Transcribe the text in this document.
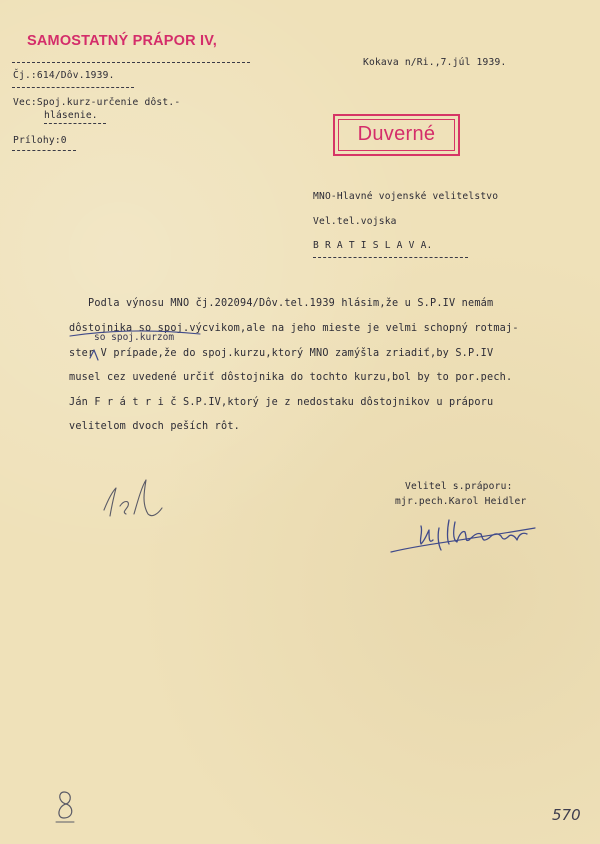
SAMOSTATNÝ PRÁPOR IV,
Čj.:614/Dôv.1939.
Kokava n/Ri.,7.júl 1939.
Vec:Spoj.kurz-určenie dôst.-
hlásenie.
Prílohy:0	Duverné
MNO-Hlavné vojenské velitelstvo
Vel.tel.vojska
B R A T I S L A V A.
Podla výnosu MNO čj.202094/Dôv.tel.1939 hlásim,že u S.P.IV nemám
dôstojnika so spoj.výcvikom,ale na jeho mieste je velmi schopný rotmaj-
ster V prípade,že do spoj.kurzu,ktorý MNO zamýšla zriadiť,by S.P.IV
musel cez uvedené určiť dôstojnika do tochto kurzu,bol by to por.pech.
Ján F r á t r i č S.P.IV,ktorý je z nedostaku dôstojnikov u práporu
velitelom dvoch peších rôt.
so spoj.kurzom
Velitel s.práporu:
mjr.pech.Karol Heidler
570
